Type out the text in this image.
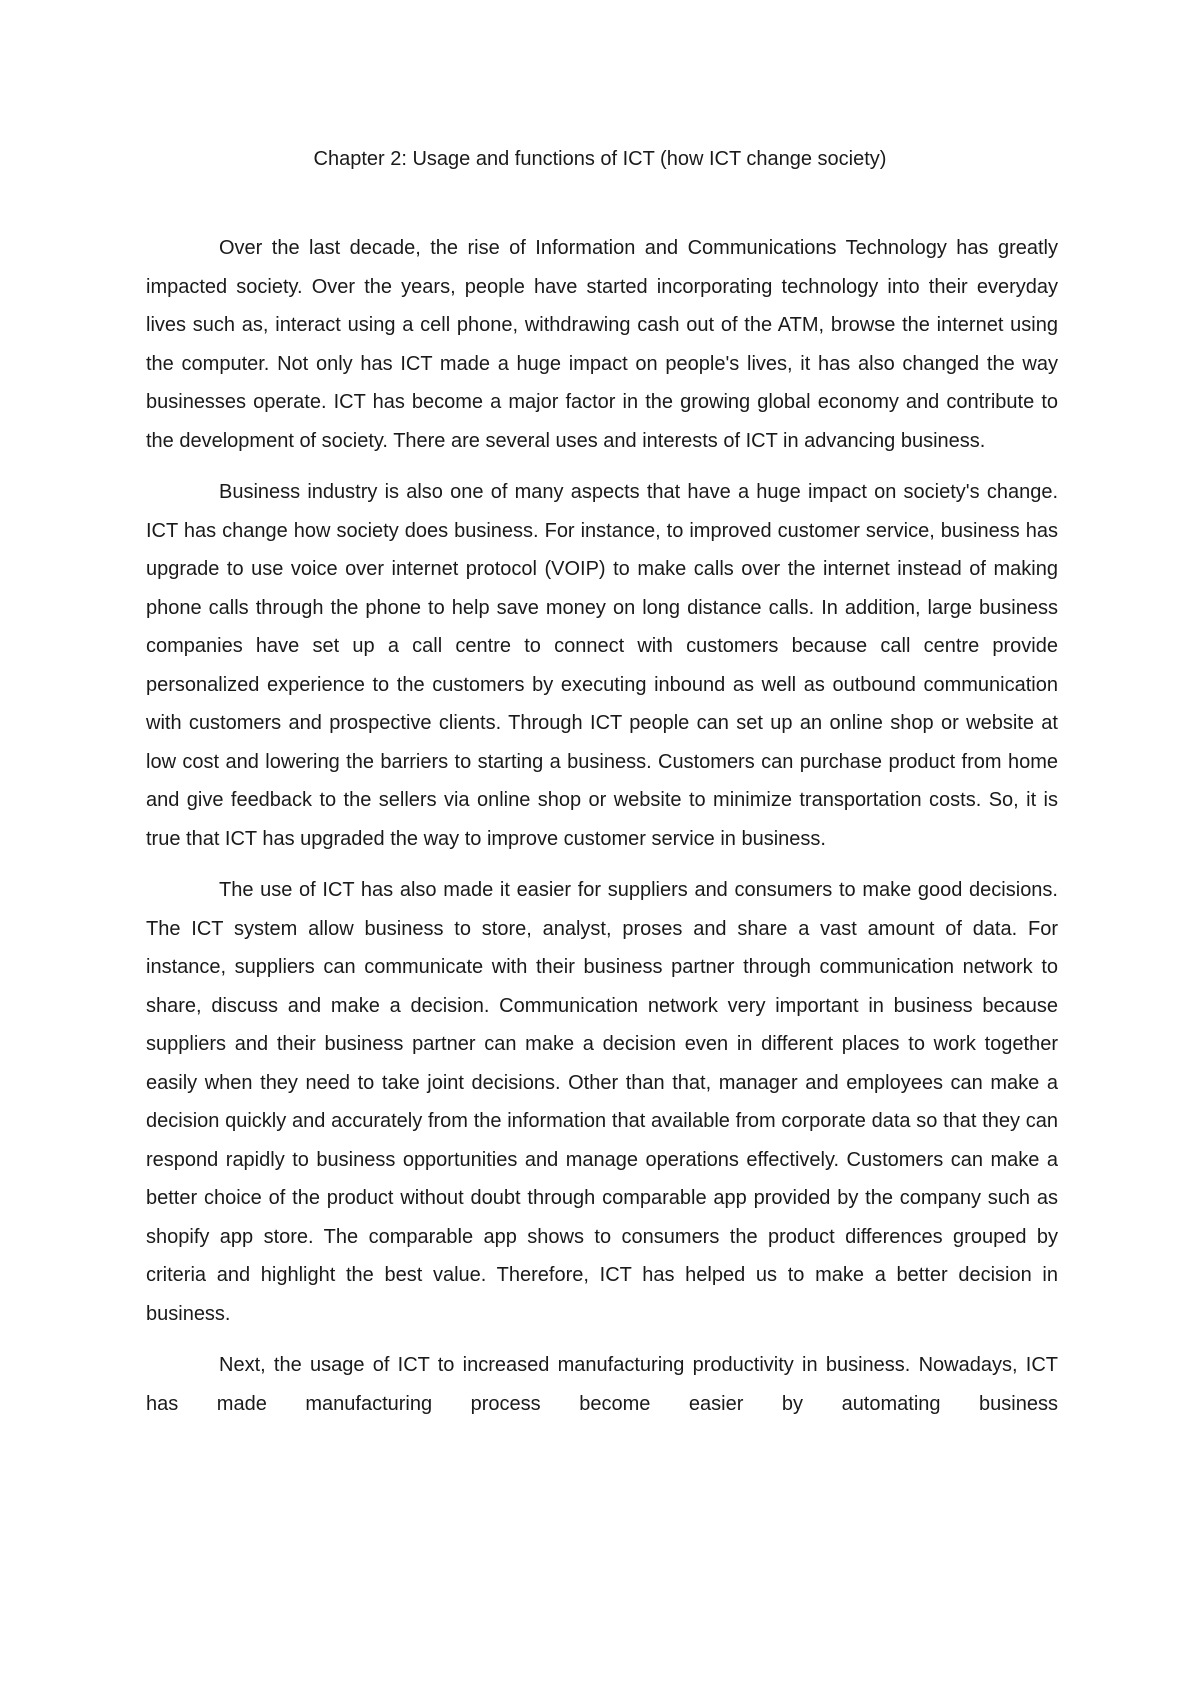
Chapter 2: Usage and functions of ICT (how ICT change society)

Over the last decade, the rise of Information and Communications Technology has greatly impacted society. Over the years, people have started incorporating technology into their everyday lives such as, interact using a cell phone, withdrawing cash out of the ATM, browse the internet using the computer. Not only has ICT made a huge impact on people's lives, it has also changed the way businesses operate. ICT has become a major factor in the growing global economy and contribute to the development of society. There are several uses and interests of ICT in advancing business.

Business industry is also one of many aspects that have a huge impact on society's change. ICT has change how society does business. For instance, to improved customer service, business has upgrade to use voice over internet protocol (VOIP) to make calls over the internet instead of making phone calls through the phone to help save money on long distance calls. In addition, large business companies have set up a call centre to connect with customers because call centre provide personalized experience to the customers by executing inbound as well as outbound communication with customers and prospective clients. Through ICT people can set up an online shop or website at low cost and lowering the barriers to starting a business. Customers can purchase product from home and give feedback to the sellers via online shop or website to minimize transportation costs. So, it is true that ICT has upgraded the way to improve customer service in business.

The use of ICT has also made it easier for suppliers and consumers to make good decisions. The ICT system allow business to store, analyst, proses and share a vast amount of data. For instance, suppliers can communicate with their business partner through communication network to share, discuss and make a decision. Communication network very important in business because suppliers and their business partner can make a decision even in different places to work together easily when they need to take joint decisions. Other than that, manager and employees can make a decision quickly and accurately from the information that available from corporate data so that they can respond rapidly to business opportunities and manage operations effectively. Customers can make a better choice of the product without doubt through comparable app provided by the company such as shopify app store. The comparable app shows to consumers the product differences grouped by criteria and highlight the best value. Therefore, ICT has helped us to make a better decision in business.

Next, the usage of ICT to increased manufacturing productivity in business. Nowadays, ICT has made manufacturing process become easier by automating business
